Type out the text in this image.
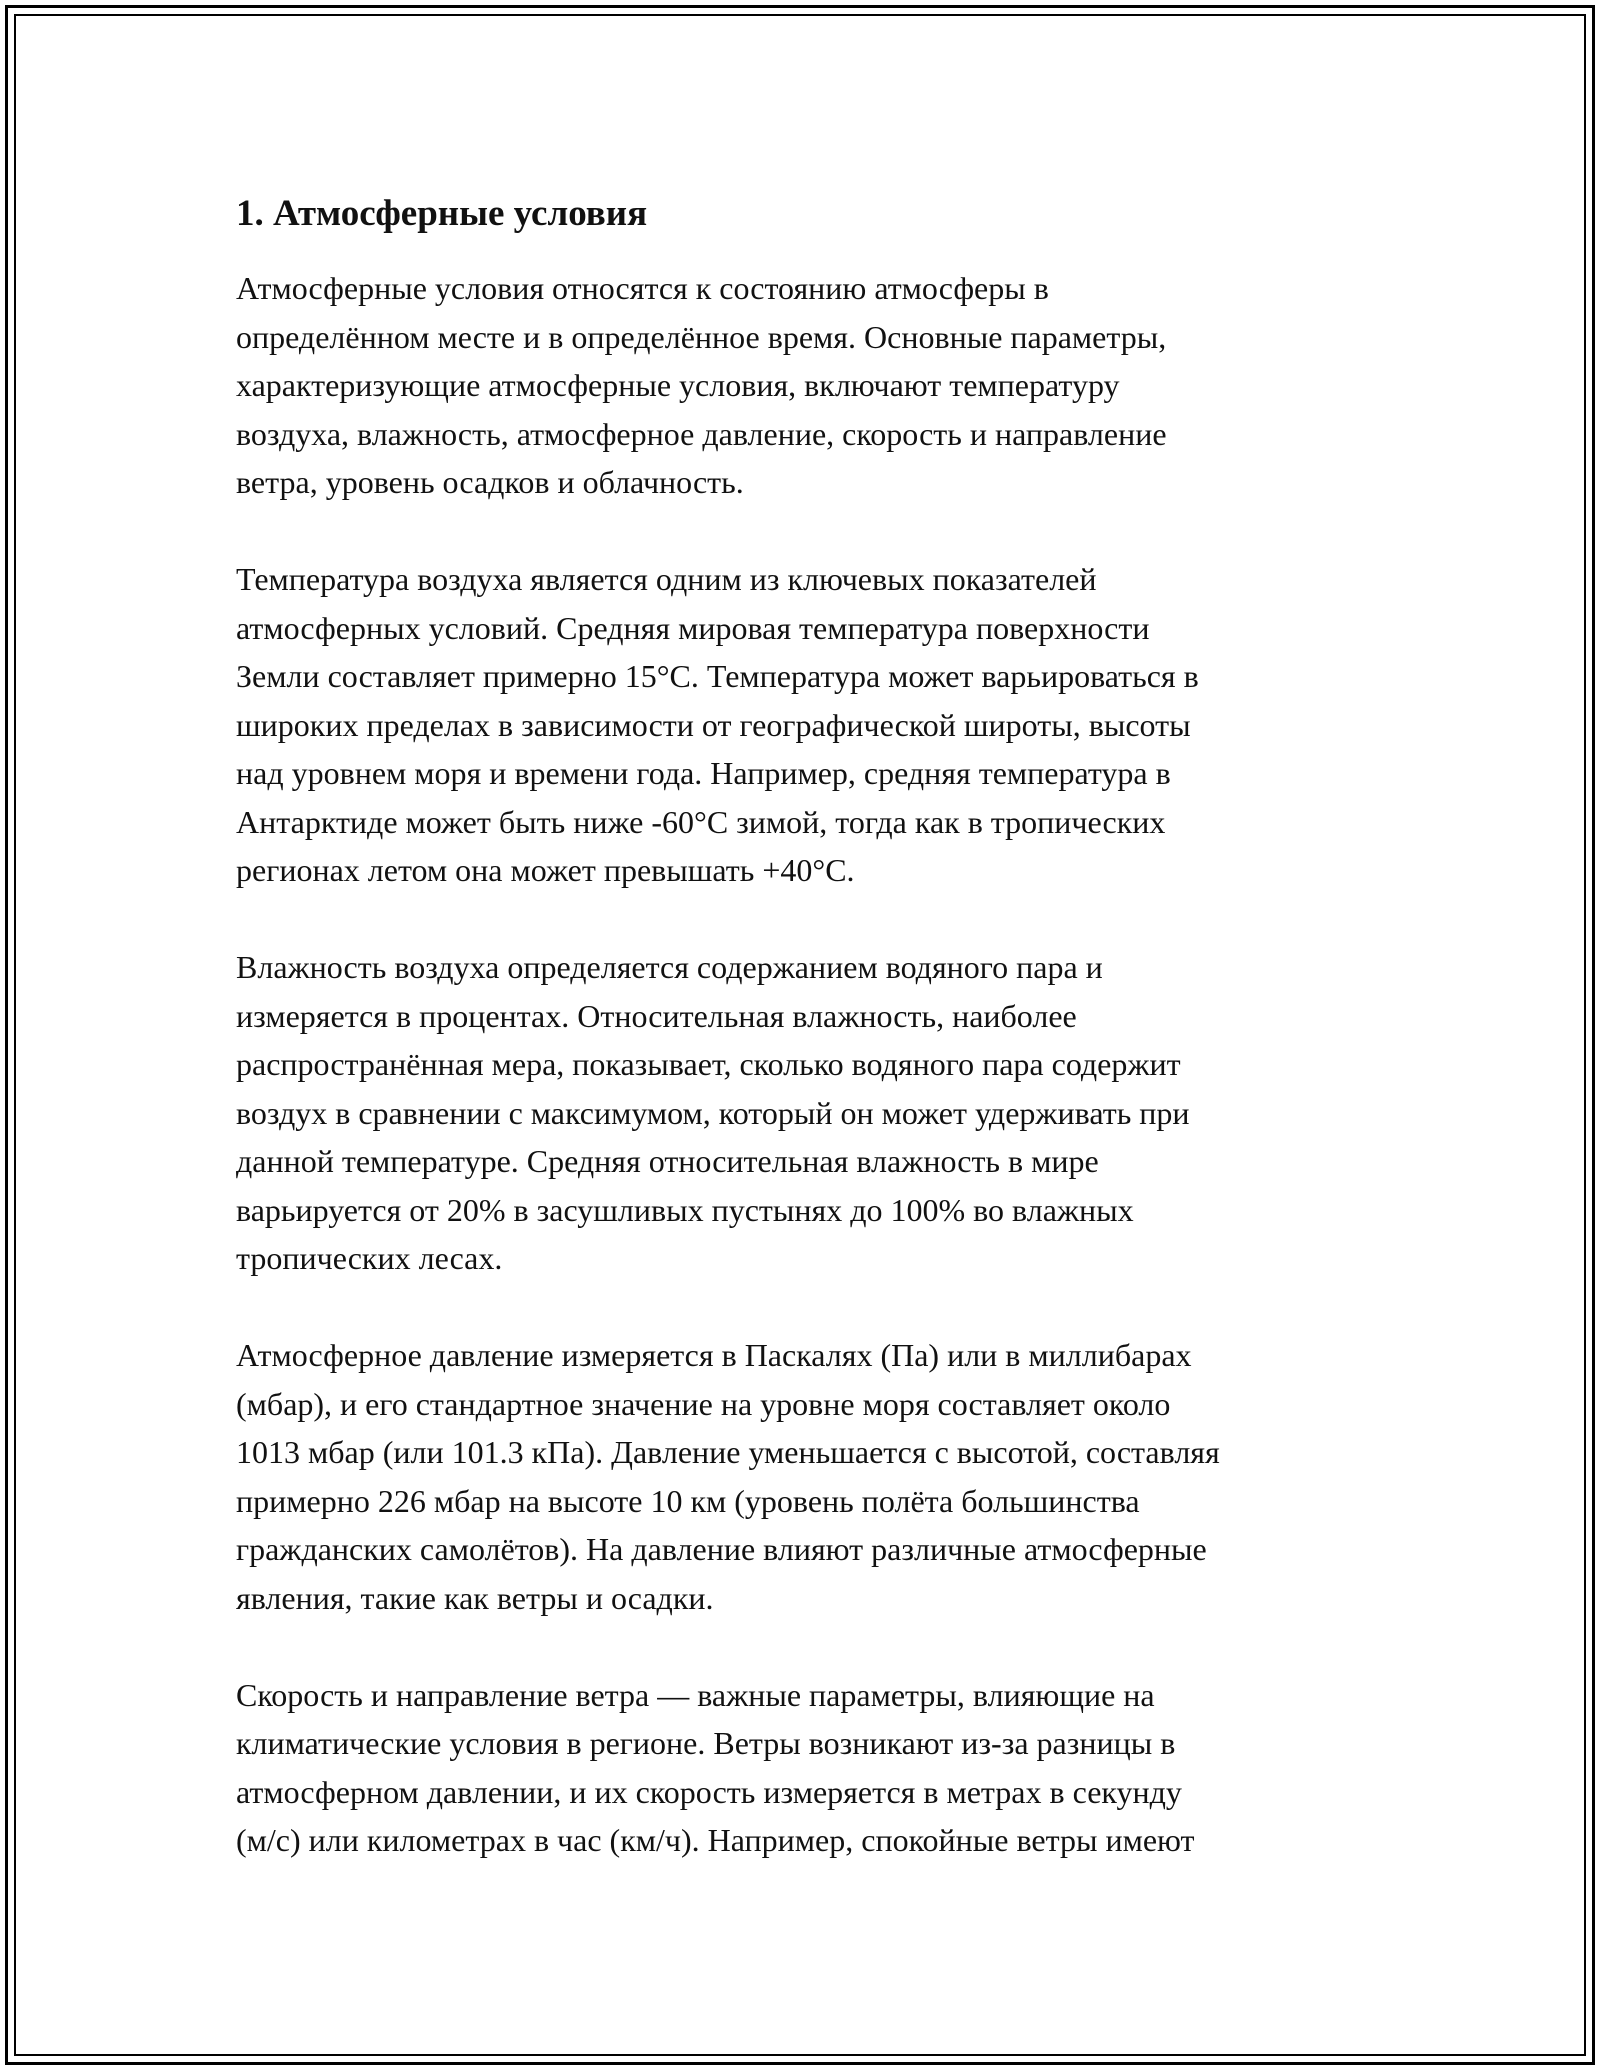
1. Атмосферные условия

Атмосферные условия относятся к состоянию атмосферы в
определённом месте и в определённое время. Основные параметры,
характеризующие атмосферные условия, включают температуру
воздуха, влажность, атмосферное давление, скорость и направление
ветра, уровень осадков и облачность.

Температура воздуха является одним из ключевых показателей
атмосферных условий. Средняя мировая температура поверхности
Земли составляет примерно 15°C. Температура может варьироваться в
широких пределах в зависимости от географической широты, высоты
над уровнем моря и времени года. Например, средняя температура в
Антарктиде может быть ниже -60°C зимой, тогда как в тропических
регионах летом она может превышать +40°C.

Влажность воздуха определяется содержанием водяного пара и
измеряется в процентах. Относительная влажность, наиболее
распространённая мера, показывает, сколько водяного пара содержит
воздух в сравнении с максимумом, который он может удерживать при
данной температуре. Средняя относительная влажность в мире
варьируется от 20% в засушливых пустынях до 100% во влажных
тропических лесах.

Атмосферное давление измеряется в Паскалях (Па) или в миллибарах
(мбар), и его стандартное значение на уровне моря составляет около
1013 мбар (или 101.3 кПа). Давление уменьшается с высотой, составляя
примерно 226 мбар на высоте 10 км (уровень полёта большинства
гражданских самолётов). На давление влияют различные атмосферные
явления, такие как ветры и осадки.

Скорость и направление ветра — важные параметры, влияющие на
климатические условия в регионе. Ветры возникают из-за разницы в
атмосферном давлении, и их скорость измеряется в метрах в секунду
(м/с) или километрах в час (км/ч). Например, спокойные ветры имеют
